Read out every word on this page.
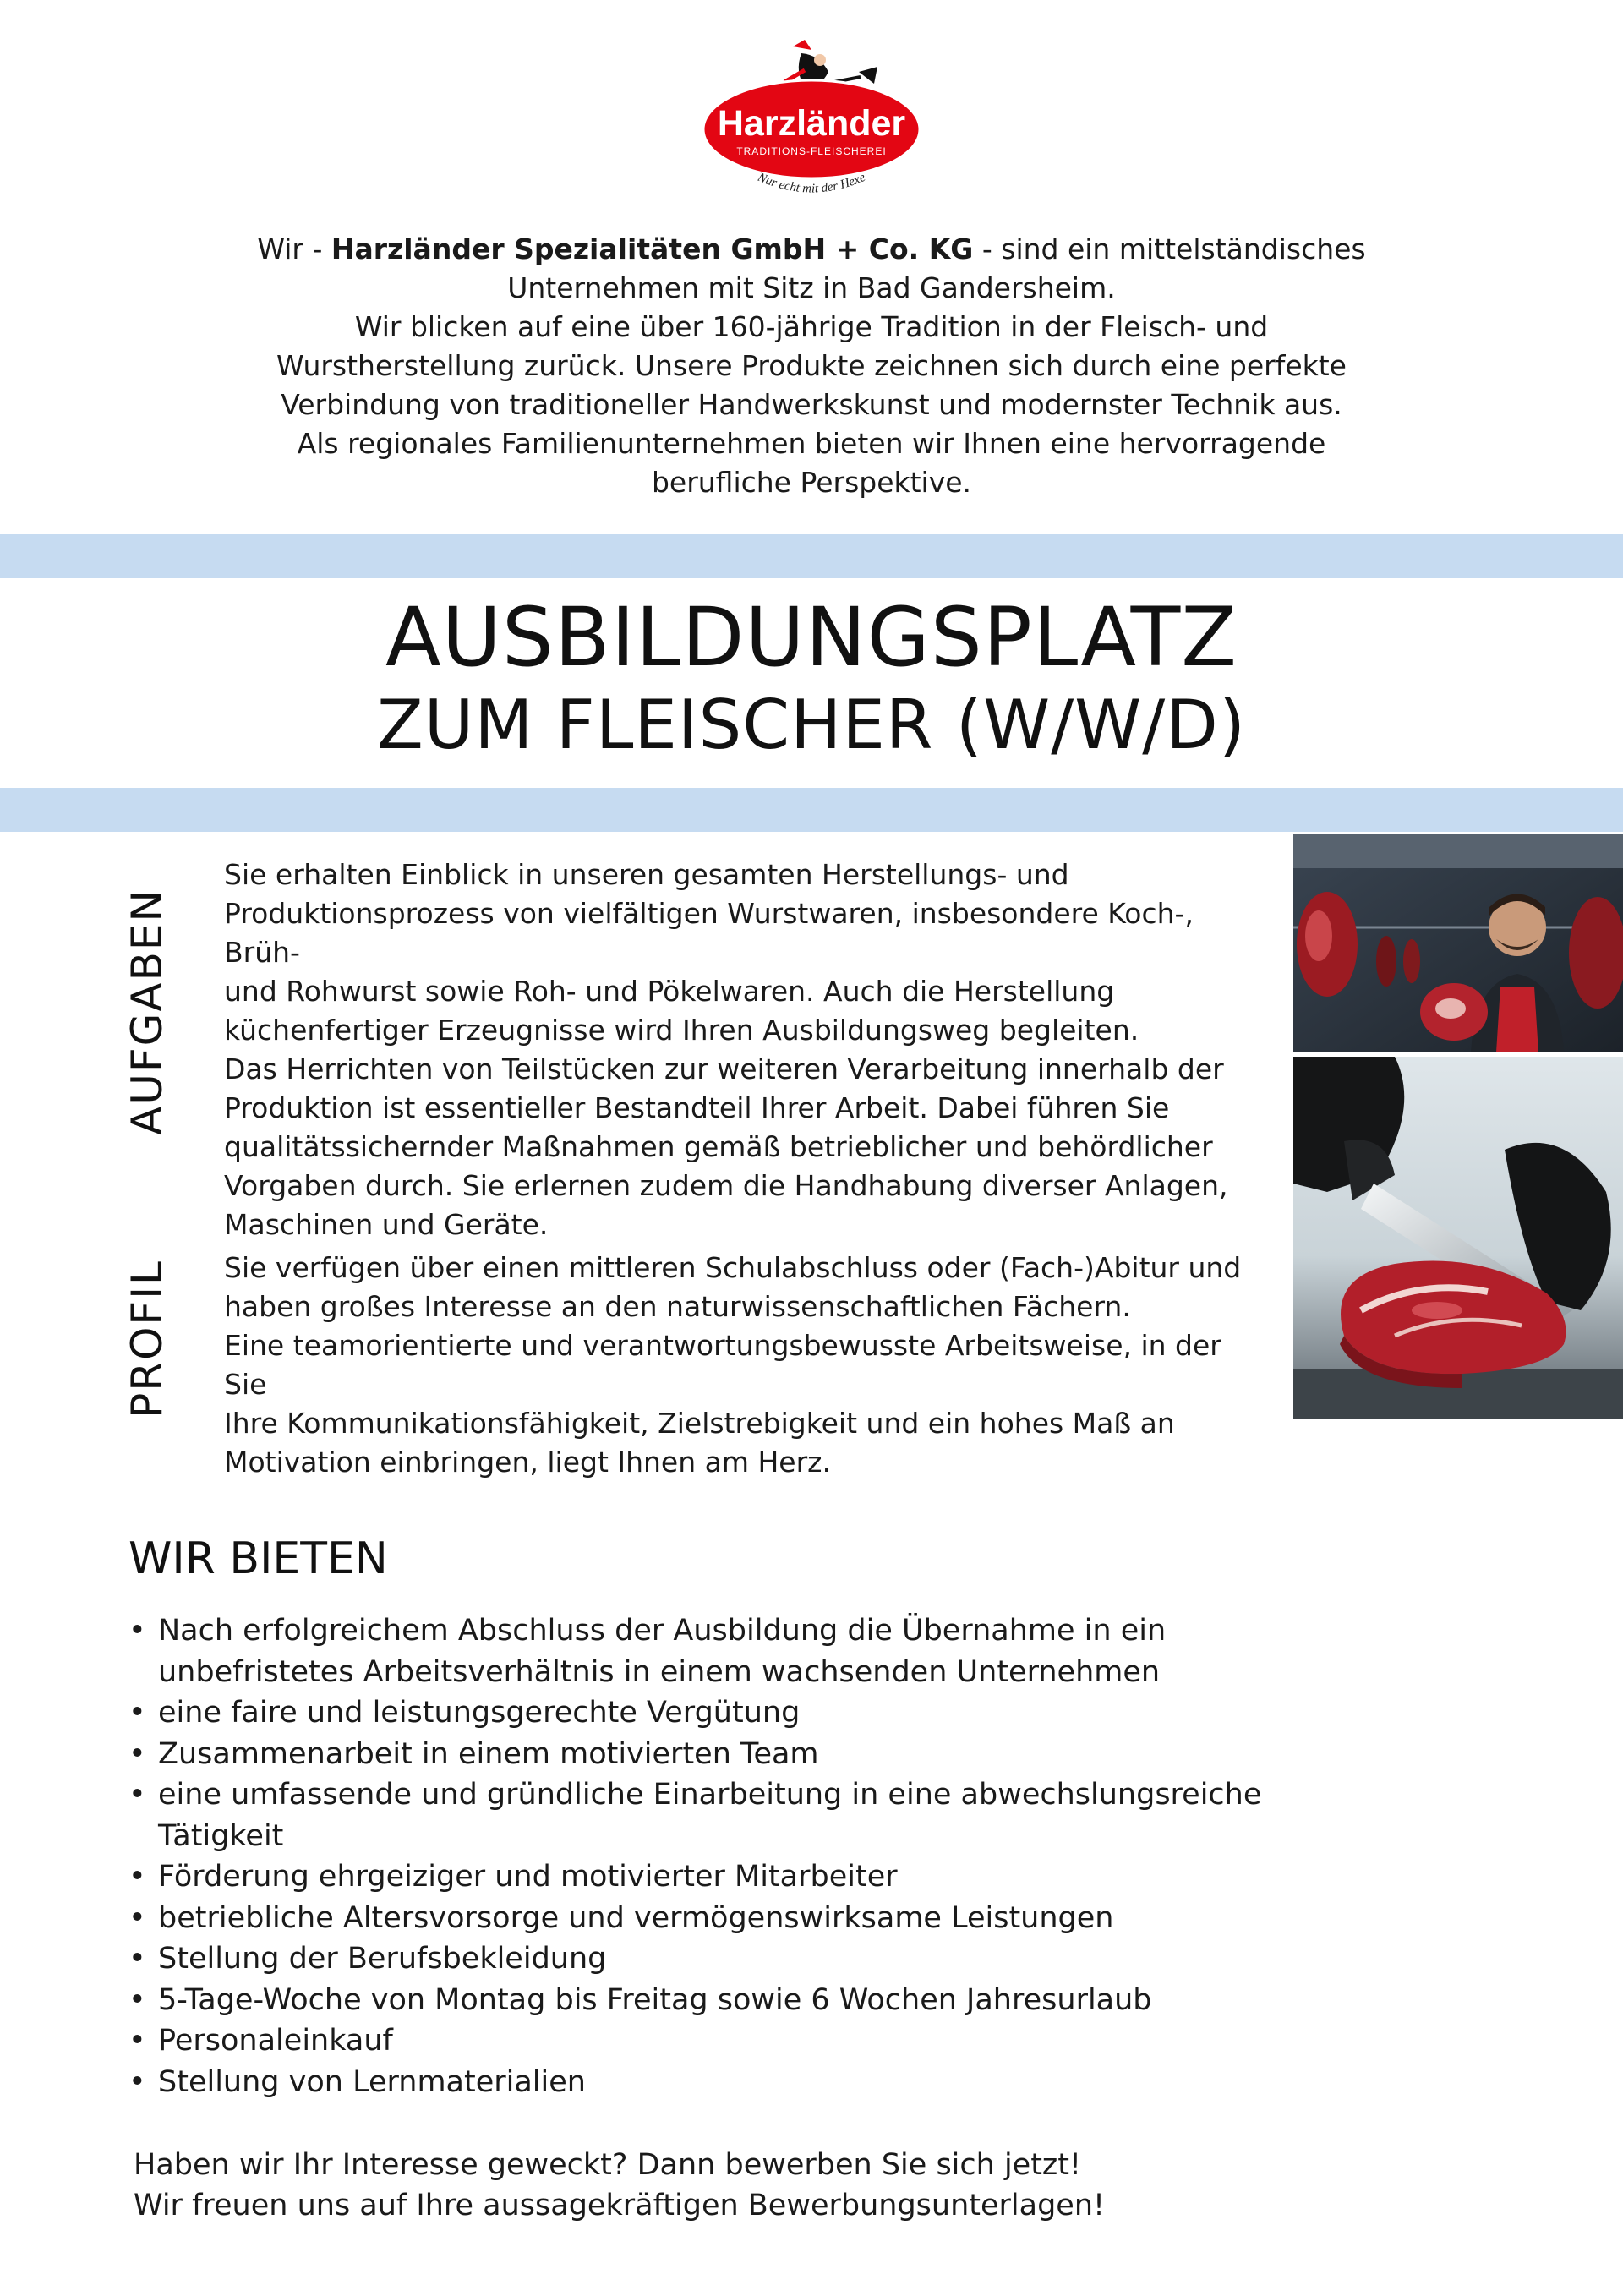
Harzländer
TRADITIONS-FLEISCHEREI
Nur echt mit der Hexe

Wir - Harzländer Spezialitäten GmbH + Co. KG - sind ein mittelständisches
Unternehmen mit Sitz in Bad Gandersheim.
Wir blicken auf eine über 160-jährige Tradition in der Fleisch- und
Wurstherstellung zurück. Unsere Produkte zeichnen sich durch eine perfekte
Verbindung von traditioneller Handwerkskunst und modernster Technik aus.
Als regionales Familienunternehmen bieten wir Ihnen eine hervorragende
berufliche Perspektive.

AUSBILDUNGSPLATZ
ZUM FLEISCHER (W/W/D)
AUFGABEN

Sie erhalten Einblick in unseren gesamten Herstellungs- und
Produktionsprozess von vielfältigen Wurstwaren, insbesondere Koch-, Brüh-
und Rohwurst sowie Roh- und Pökelwaren. Auch die Herstellung
küchenfertiger Erzeugnisse wird Ihren Ausbildungsweg begleiten.
Das Herrichten von Teilstücken zur weiteren Verarbeitung innerhalb der
Produktion ist essentieller Bestandteil Ihrer Arbeit. Dabei führen Sie
qualitätssichernder Maßnahmen gemäß betrieblicher und behördlicher
Vorgaben durch. Sie erlernen zudem die Handhabung diverser Anlagen,
Maschinen und Geräte.

PROFIL Sie verfügen über einen mittleren Schulabschluss oder (Fach-)Abitur und
haben großes Interesse an den naturwissenschaftlichen Fächern.
Eine teamorientierte und verantwortungsbewusste Arbeitsweise, in der Sie
Ihre Kommunikationsfähigkeit, Zielstrebigkeit und ein hohes Maß an
Motivation einbringen, liegt Ihnen am Herz.

WIR BIETEN
• Nach erfolgreichem Abschluss der Ausbildung die Übernahme in ein
unbefristetes Arbeitsverhältnis in einem wachsenden Unternehmen
• eine faire und leistungsgerechte Vergütung
• Zusammenarbeit in einem motivierten Team
• eine umfassende und gründliche Einarbeitung in eine abwechslungsreiche
Tätigkeit
• Förderung ehrgeiziger und motivierter Mitarbeiter
• betriebliche Altersvorsorge und vermögenswirksame Leistungen
• Stellung der Berufsbekleidung
• 5-Tage-Woche von Montag bis Freitag sowie 6 Wochen Jahresurlaub
• Personaleinkauf
• Stellung von Lernmaterialien

Haben wir Ihr Interesse geweckt? Dann bewerben Sie sich jetzt!
Wir freuen uns auf Ihre aussagekräftigen Bewerbungsunterlagen!
